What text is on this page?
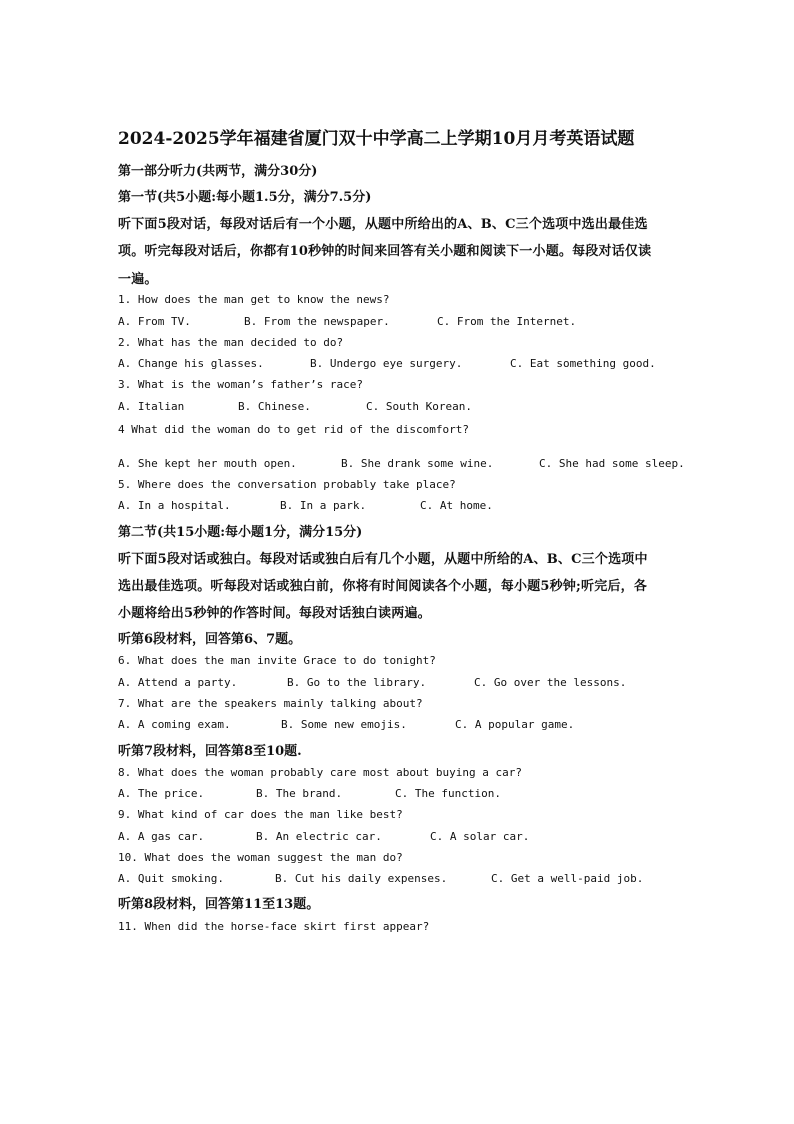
2024-2025学年福建省厦门双十中学高二上学期10月月考英语试题
第一部分听力(共两节，满分30分)
第一节(共5小题:每小题1.5分，满分7.5分)
听下面5段对话，每段对话后有一个小题，从题中所给出的A、B、C三个选项中选出最佳选
项。听完每段对话后，你都有10秒钟的时间来回答有关小题和阅读下一小题。每段对话仅读
一遍。
1. How does the man get to know the news?
A. From TV.	B. From the newspaper.	C. From the Internet.
2. What has the man decided to do?
A. Change his glasses.	B. Undergo eye surgery.	C. Eat something good.
3. What is the woman’s father’s race?
A. Italian	B. Chinese.	C. South Korean.
4 What did the woman do to get rid of the discomfort?
A. She kept her mouth open.	B. She drank some wine.	C. She had some sleep.
5. Where does the conversation probably take place?
A. In a hospital.	B. In a park.	C. At home.
第二节(共15小题:每小题1分，满分15分)
听下面5段对话或独白。每段对话或独白后有几个小题，从题中所给的A、B、C三个选项中
选出最佳选项。听每段对话或独白前，你将有时间阅读各个小题，每小题5秒钟;听完后，各
小题将给出5秒钟的作答时间。每段对话独白读两遍。
听第6段材料，回答第6、7题。
6. What does the man invite Grace to do tonight?
A. Attend a party.	B. Go to the library.	C. Go over the lessons.
7. What are the speakers mainly talking about?
A. A coming exam.	B. Some new emojis.	C. A popular game.
听第7段材料，回答第8至10题.
8. What does the woman probably care most about buying a car?
A. The price.	B. The brand.	C. The function.
9. What kind of car does the man like best?
A. A gas car.	B. An electric car.	C. A solar car.
10. What does the woman suggest the man do?
A. Quit smoking.	B. Cut his daily expenses.	C. Get a well-paid job.
听第8段材料，回答第11至13题。
11. When did the horse-face skirt first appear?
